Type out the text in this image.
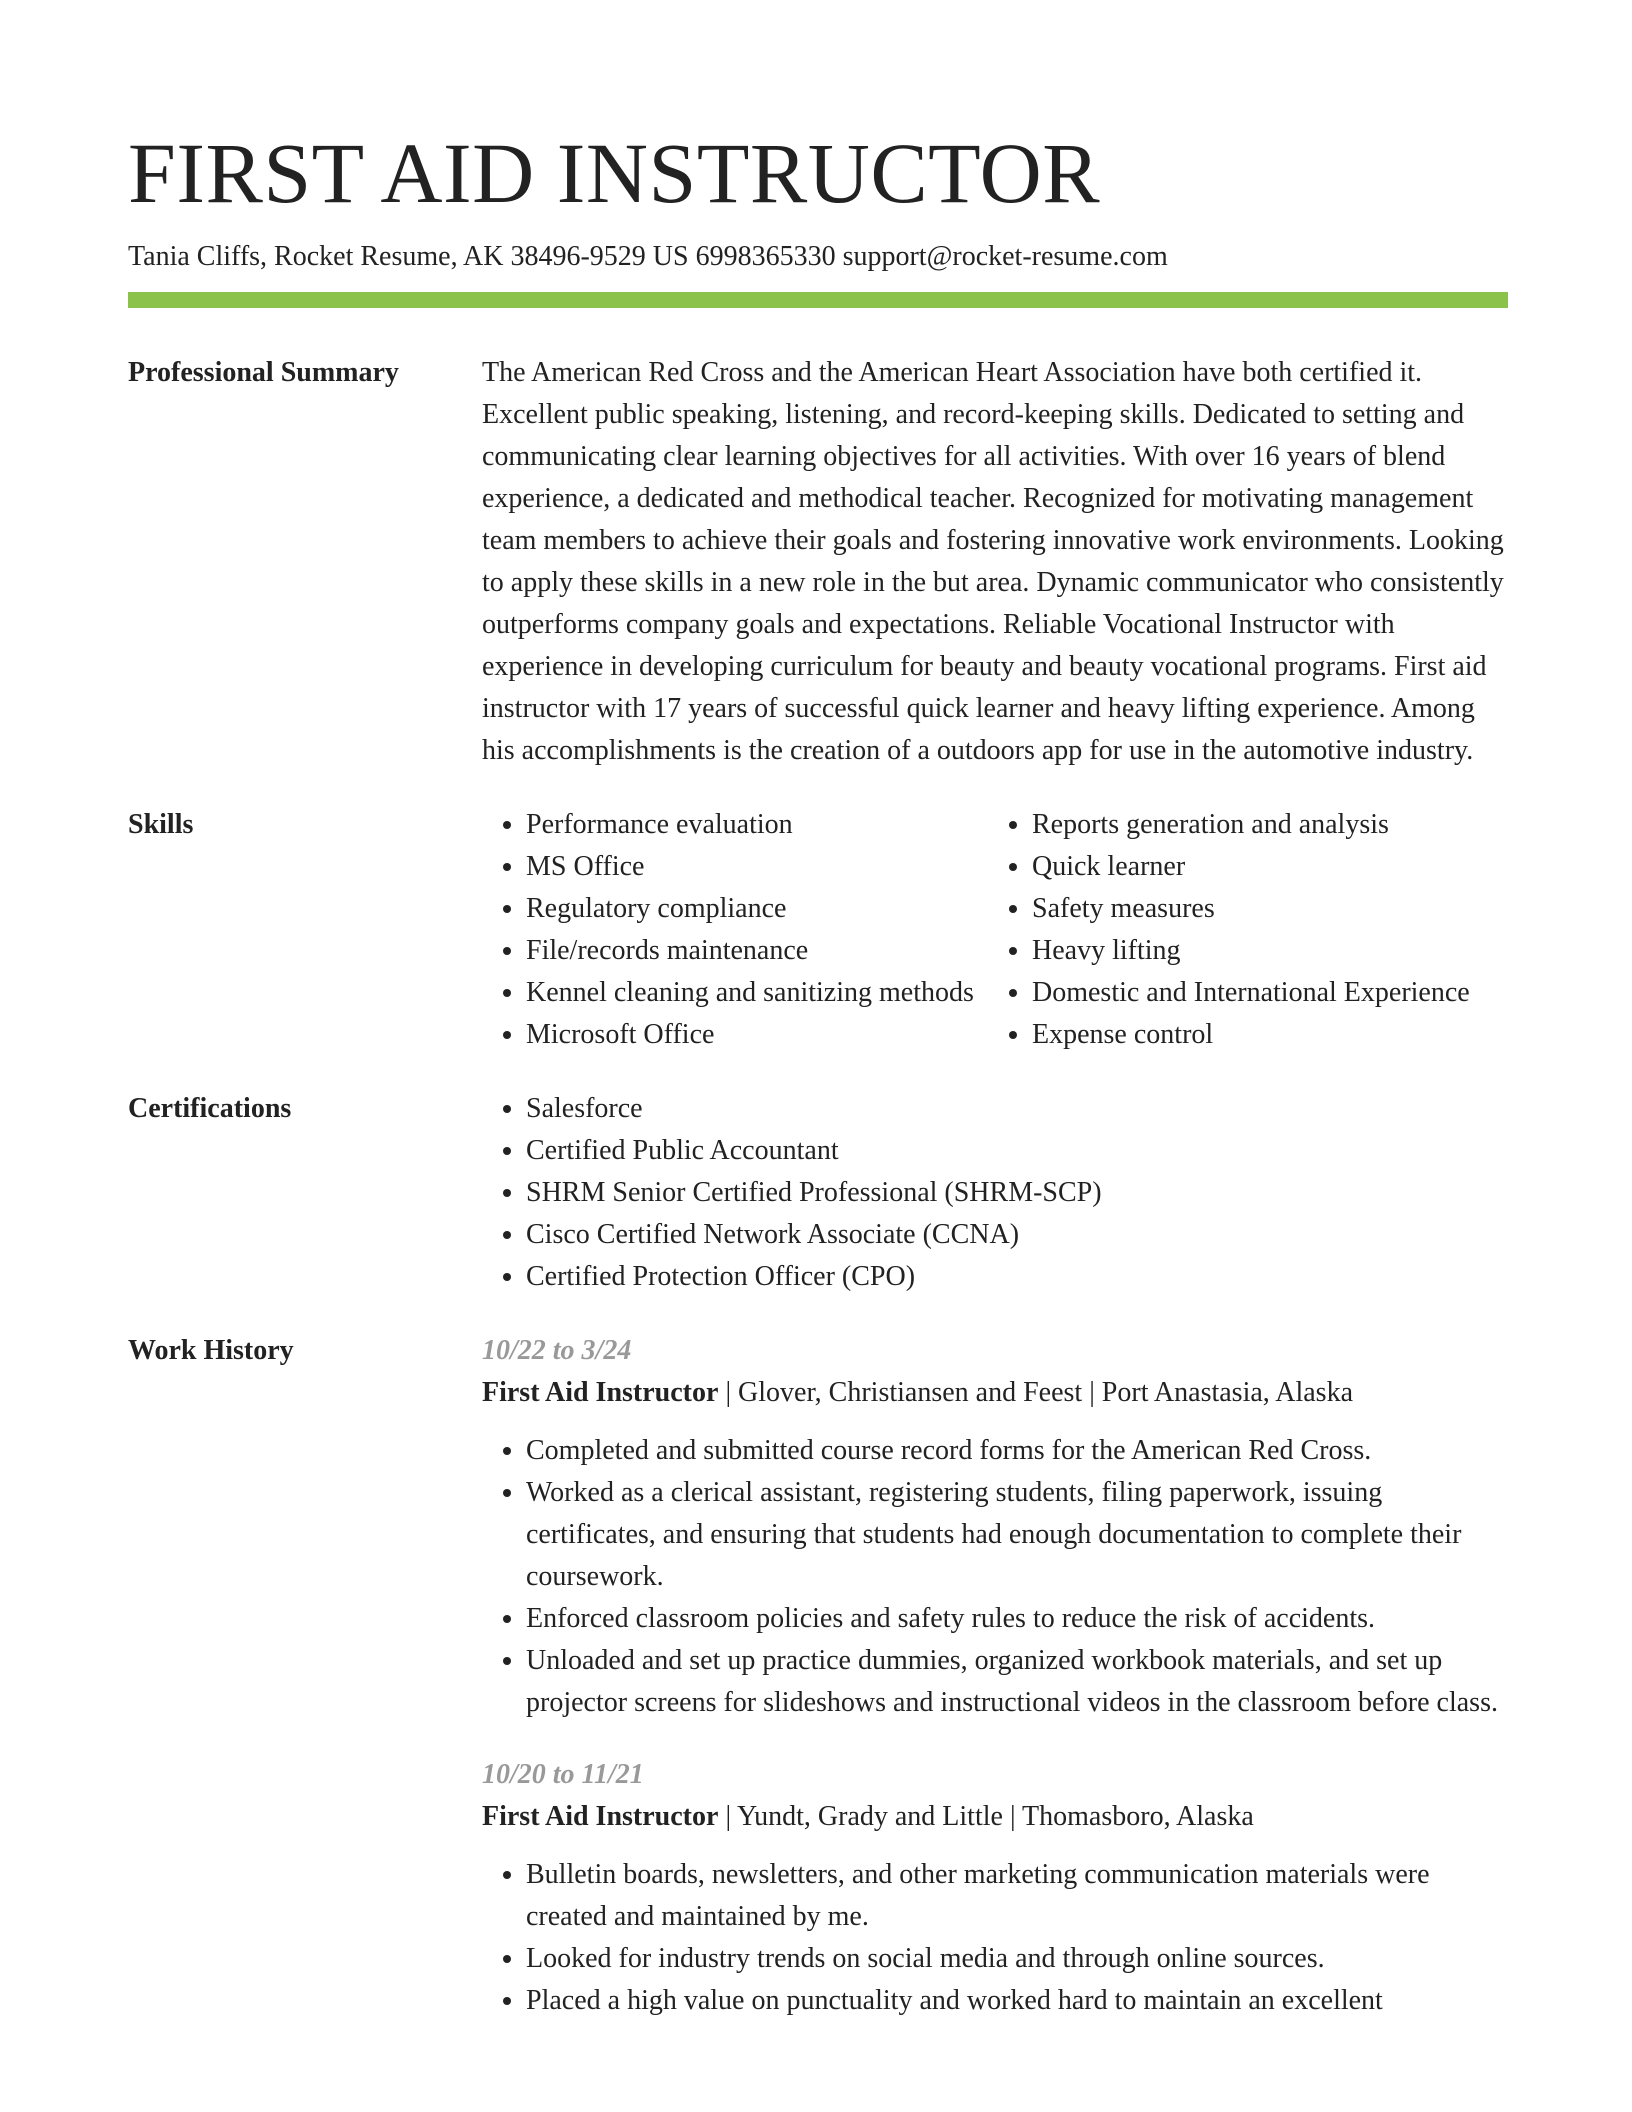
FIRST AID INSTRUCTOR
Tania Cliffs, Rocket Resume, AK 38496-9529 US 6998365330 support@rocket-resume.com
Professional Summary	The American Red Cross and the American Heart Association have both certified it. Excellent public speaking, listening, and record-keeping skills. Dedicated to setting and communicating clear learning objectives for all activities. With over 16 years of blend experience, a dedicated and methodical teacher. Recognized for motivating management team members to achieve their goals and fostering innovative work environments. Looking to apply these skills in a new role in the but area. Dynamic communicator who consistently outperforms company goals and expectations. Reliable Vocational Instructor with experience in developing curriculum for beauty and beauty vocational programs. First aid instructor with 17 years of successful quick learner and heavy lifting experience. Among his accomplishments is the creation of a outdoors app for use in the automotive industry.

Skills	• Performance evaluation
• MS Office
• Regulatory compliance
• File/records maintenance
• Kennel cleaning and sanitizing methods
• Microsoft Office
• Reports generation and analysis
• Quick learner
• Safety measures
• Heavy lifting
• Domestic and International Experience
• Expense control
Certifications	• Salesforce
• Certified Public Accountant
• SHRM Senior Certified Professional (SHRM-SCP)
• Cisco Certified Network Associate (CCNA)
• Certified Protection Officer (CPO)
Work History	10/22 to 3/24
First Aid Instructor | Glover, Christiansen and Feest | Port Anastasia, Alaska
• Completed and submitted course record forms for the American Red Cross.
• Worked as a clerical assistant, registering students, filing paperwork, issuing certificates, and ensuring that students had enough documentation to complete their coursework.
• Enforced classroom policies and safety rules to reduce the risk of accidents.
• Unloaded and set up practice dummies, organized workbook materials, and set up projector screens for slideshows and instructional videos in the classroom before class.
10/20 to 11/21
First Aid Instructor | Yundt, Grady and Little | Thomasboro, Alaska
• Bulletin boards, newsletters, and other marketing communication materials were created and maintained by me.
• Looked for industry trends on social media and through online sources.
• Placed a high value on punctuality and worked hard to maintain an excellent
